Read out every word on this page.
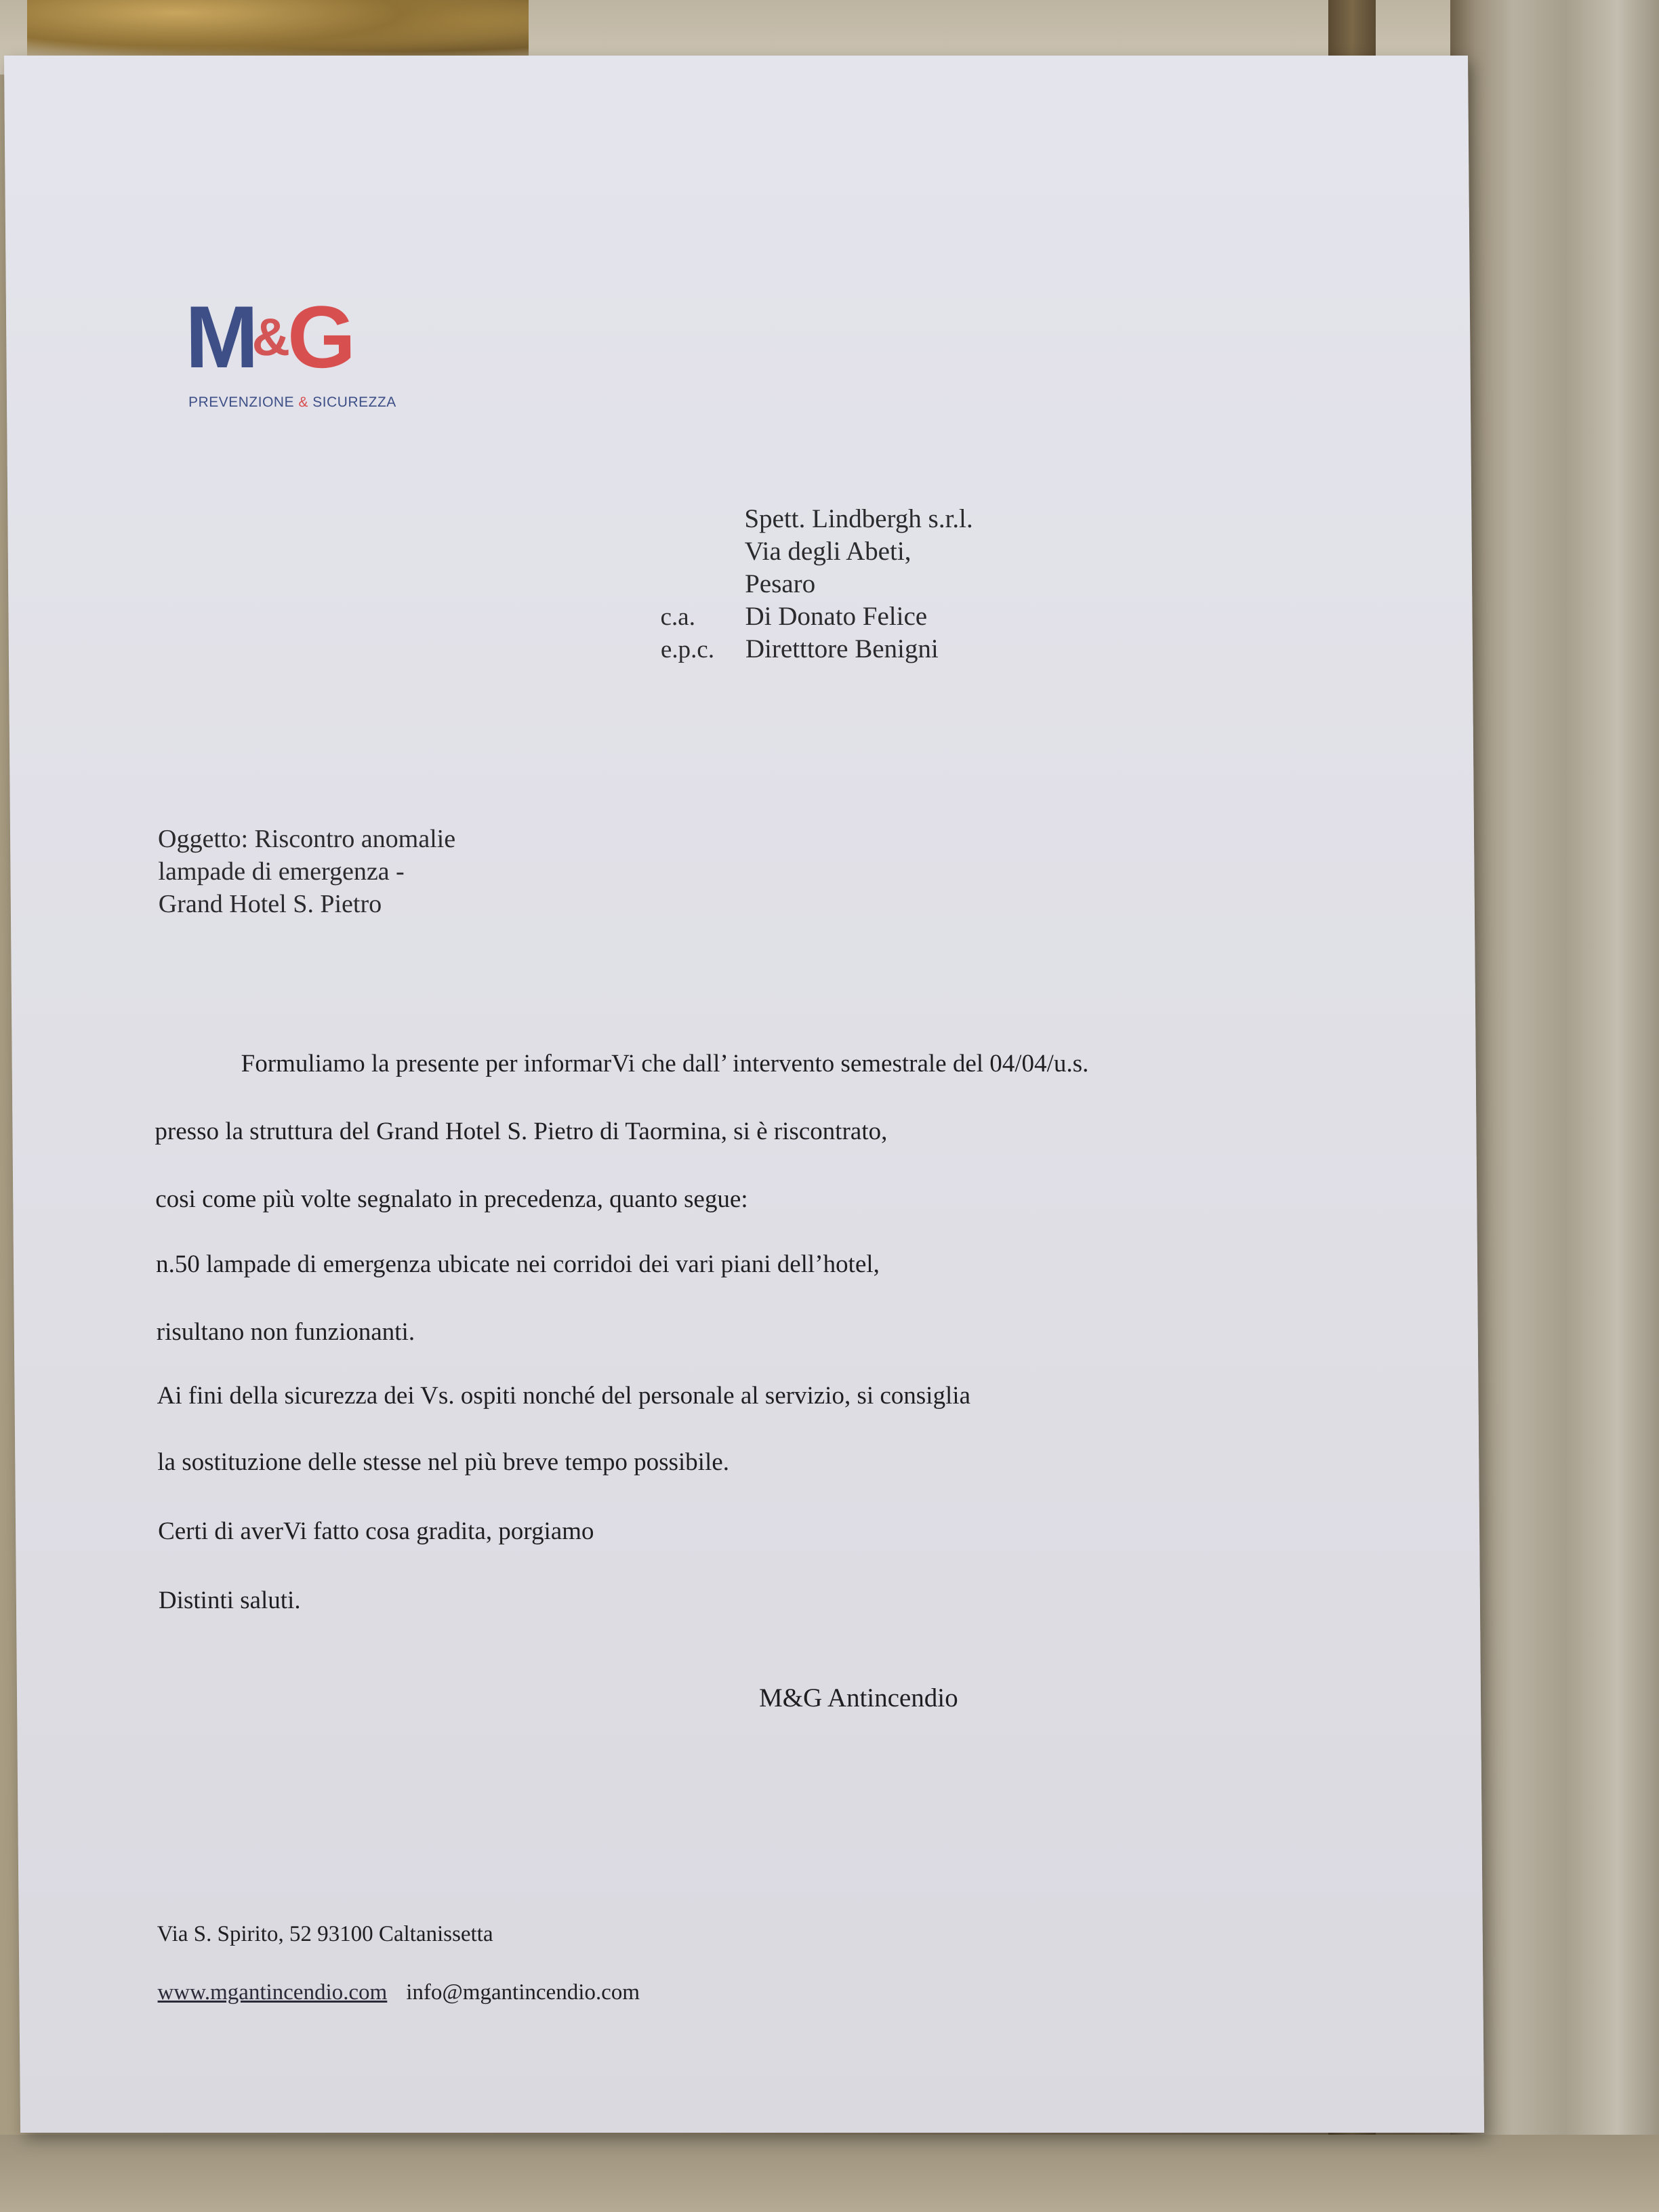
M&G
PREVENZIONE & SICUREZZA
Spett. Lindbergh s.r.l.
Via degli Abeti,
Pesaro
c.a. Di Donato Felice
e.p.c. Diretttore Benigni
Oggetto: Riscontro anomalie
lampade di emergenza -
Grand Hotel S. Pietro
Formuliamo la presente per informarVi che dall’ intervento semestrale del 04/04/u.s.
presso la struttura del Grand Hotel S. Pietro di Taormina, si è riscontrato,
cosi come più volte segnalato in precedenza, quanto segue:
n.50 lampade di emergenza ubicate nei corridoi dei vari piani dell’hotel,
risultano non funzionanti.
Ai fini della sicurezza dei Vs. ospiti nonché del personale al servizio, si consiglia
la sostituzione delle stesse nel più breve tempo possibile.
Certi di averVi fatto cosa gradita, porgiamo
Distinti saluti.
M&G Antincendio
Via S. Spirito, 52 93100 Caltanissetta
www.mgantincendio.com info@mgantincendio.com
